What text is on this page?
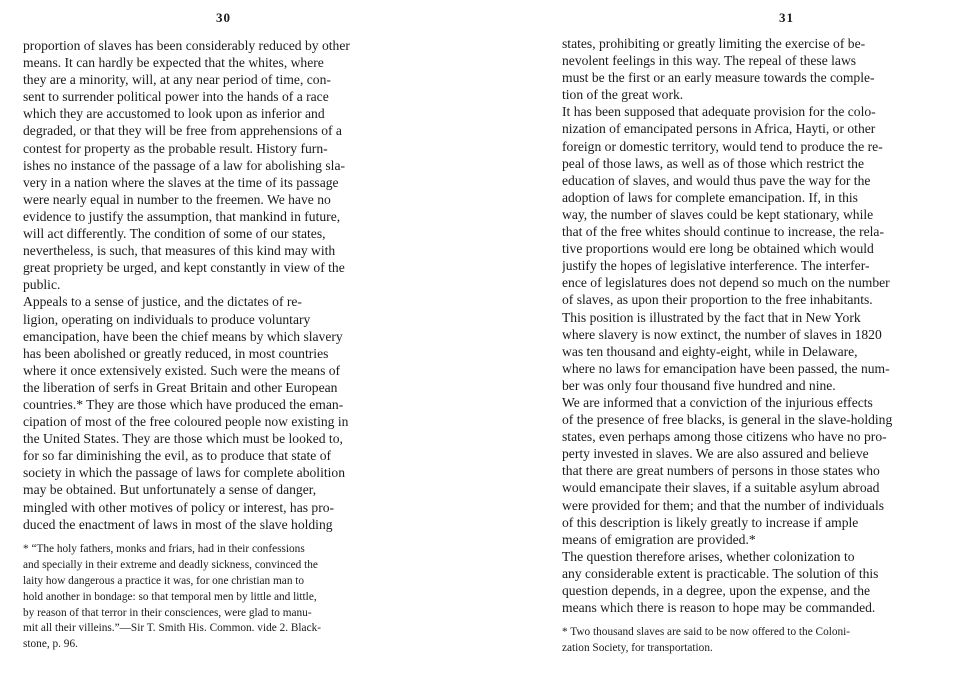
30
proportion of slaves has been considerably reduced by other
means. It can hardly be expected that the whites, where
they are a minority, will, at any near period of time, con-
sent to surrender political power into the hands of a race
which they are accustomed to look upon as inferior and
degraded, or that they will be free from apprehensions of a
contest for property as the probable result. History furn-
ishes no instance of the passage of a law for abolishing sla-
very in a nation where the slaves at the time of its passage
were nearly equal in number to the freemen. We have no
evidence to justify the assumption, that mankind in future,
will act differently. The condition of some of our states,
nevertheless, is such, that measures of this kind may with
great propriety be urged, and kept constantly in view of the
public.
Appeals to a sense of justice, and the dictates of re-
ligion, operating on individuals to produce voluntary
emancipation, have been the chief means by which slavery
has been abolished or greatly reduced, in most countries
where it once extensively existed. Such were the means of
the liberation of serfs in Great Britain and other European
countries.* They are those which have produced the eman-
cipation of most of the free coloured people now existing in
the United States. They are those which must be looked to,
for so far diminishing the evil, as to produce that state of
society in which the passage of laws for complete abolition
may be obtained. But unfortunately a sense of danger,
mingled with other motives of policy or interest, has pro-
duced the enactment of laws in most of the slave holding
* “The holy fathers, monks and friars, had in their confessions
and specially in their extreme and deadly sickness, convinced the
laity how dangerous a practice it was, for one christian man to
hold another in bondage: so that temporal men by little and little,
by reason of that terror in their consciences, were glad to manu-
mit all their villeins.”—Sir T. Smith His. Common. vide 2. Black-
stone, p. 96.
31
states, prohibiting or greatly limiting the exercise of be-
nevolent feelings in this way. The repeal of these laws
must be the first or an early measure towards the comple-
tion of the great work.
It has been supposed that adequate provision for the colo-
nization of emancipated persons in Africa, Hayti, or other
foreign or domestic territory, would tend to produce the re-
peal of those laws, as well as of those which restrict the
education of slaves, and would thus pave the way for the
adoption of laws for complete emancipation. If, in this
way, the number of slaves could be kept stationary, while
that of the free whites should continue to increase, the rela-
tive proportions would ere long be obtained which would
justify the hopes of legislative interference. The interfer-
ence of legislatures does not depend so much on the number
of slaves, as upon their proportion to the free inhabitants.
This position is illustrated by the fact that in New York
where slavery is now extinct, the number of slaves in 1820
was ten thousand and eighty-eight, while in Delaware,
where no laws for emancipation have been passed, the num-
ber was only four thousand five hundred and nine.
We are informed that a conviction of the injurious effects
of the presence of free blacks, is general in the slave-holding
states, even perhaps among those citizens who have no pro-
perty invested in slaves. We are also assured and believe
that there are great numbers of persons in those states who
would emancipate their slaves, if a suitable asylum abroad
were provided for them; and that the number of individuals
of this description is likely greatly to increase if ample
means of emigration are provided.*
The question therefore arises, whether colonization to
any considerable extent is practicable. The solution of this
question depends, in a degree, upon the expense, and the
means which there is reason to hope may be commanded.
* Two thousand slaves are said to be now offered to the Coloni-
zation Society, for transportation.
